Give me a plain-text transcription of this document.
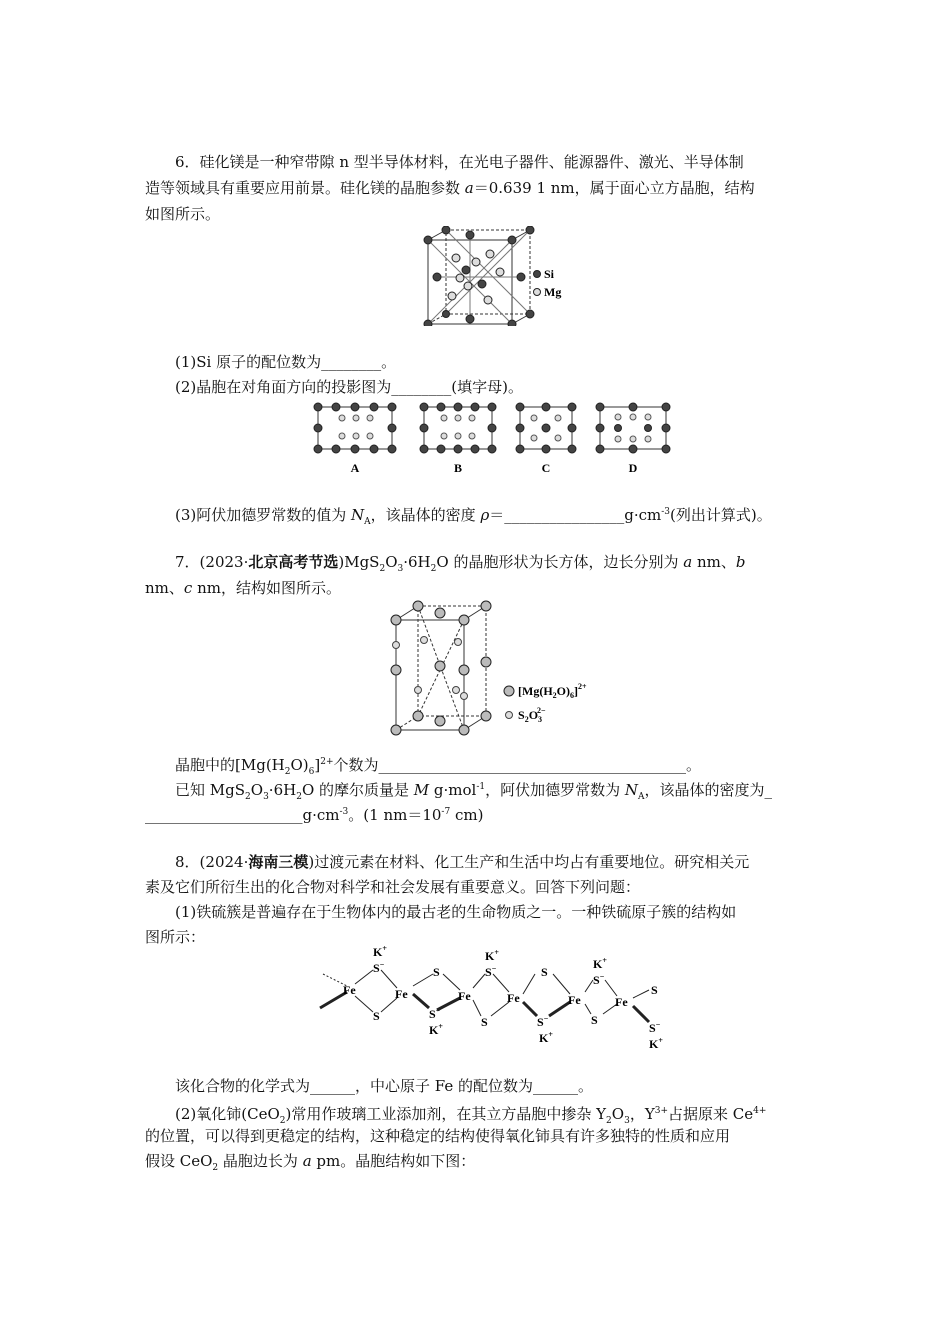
6．硅化镁是一种窄带隙 n 型半导体材料，在光电子器件、能源器件、激光、半导体制
造等领域具有重要应用前景。硅化镁的晶胞参数 a＝0.639 1 nm，属于面心立方晶胞，结构
如图所示。
Si
Mg
(1)Si 原子的配位数为________。
(2)晶胞在对角面方向的投影图为________(填字母)。
A	B	C	D
(3)阿伏加德罗常数的值为 $N_A$，该晶体的密度 $\rho=\_\_\_\_\_\_\_\_\_\_\_\_\_\_\_\_g\cdot cm^{-3}$(列出计算式)。
7．(2023·北京高考节选)$MgS_2O_3\cdot 6H_2O$ 的晶胞形状为长方体，边长分别为 a nm、b
nm、c nm，结构如图所示。
$[Mg(H_2O)_6]^{2+}$
$S_2O_32-$
晶胞中的$[Mg(H_2O)_6]^{2+}$个数为_________________________________________。
已知 $MgS_2O_3\cdot 6H_2O$ 的摩尔质量是 M g·mol$^{-1}$，阿伏加德罗常数为 $N_A$，该晶体的密度为_
$\_\_\_\_\_\_\_\_\_\_\_\_\_\_\_\_\_\_\_\_\_g\cdot cm^{-3}$。(1 $nm=10^{-7}$ cm)
8．(2024·海南三模)过渡元素在材料、化工生产和生活中均占有重要地位。研究相关元
素及它们所衍生出的化合物对科学和社会发展有重要意义。回答下列问题：
(1)铁硫簇是普遍存在于生物体内的最古老的生命物质之一。一种铁硫原子簇的结构如
图所示：
Fe	Fe	Fe	Fe	Fe	Fe
S−
K+
S	S−
K+
S	S−
K+
S
S
S−
K+
S−
K+
S
S
S−
K+
该化合物的化学式为______，中心原子 Fe 的配位数为______。
(2)氧化铈(CeO$_2$)常用作玻璃工业添加剂，在其立方晶胞中掺杂 $Y_2O_3$，$Y^{3+}$占据原来 $Ce^{4+}$
的位置，可以得到更稳定的结构，这种稳定的结构使得氧化铈具有许多独特的性质和应用
假设 CeO$_2$ 晶胞边长为 a pm。晶胞结构如下图：
